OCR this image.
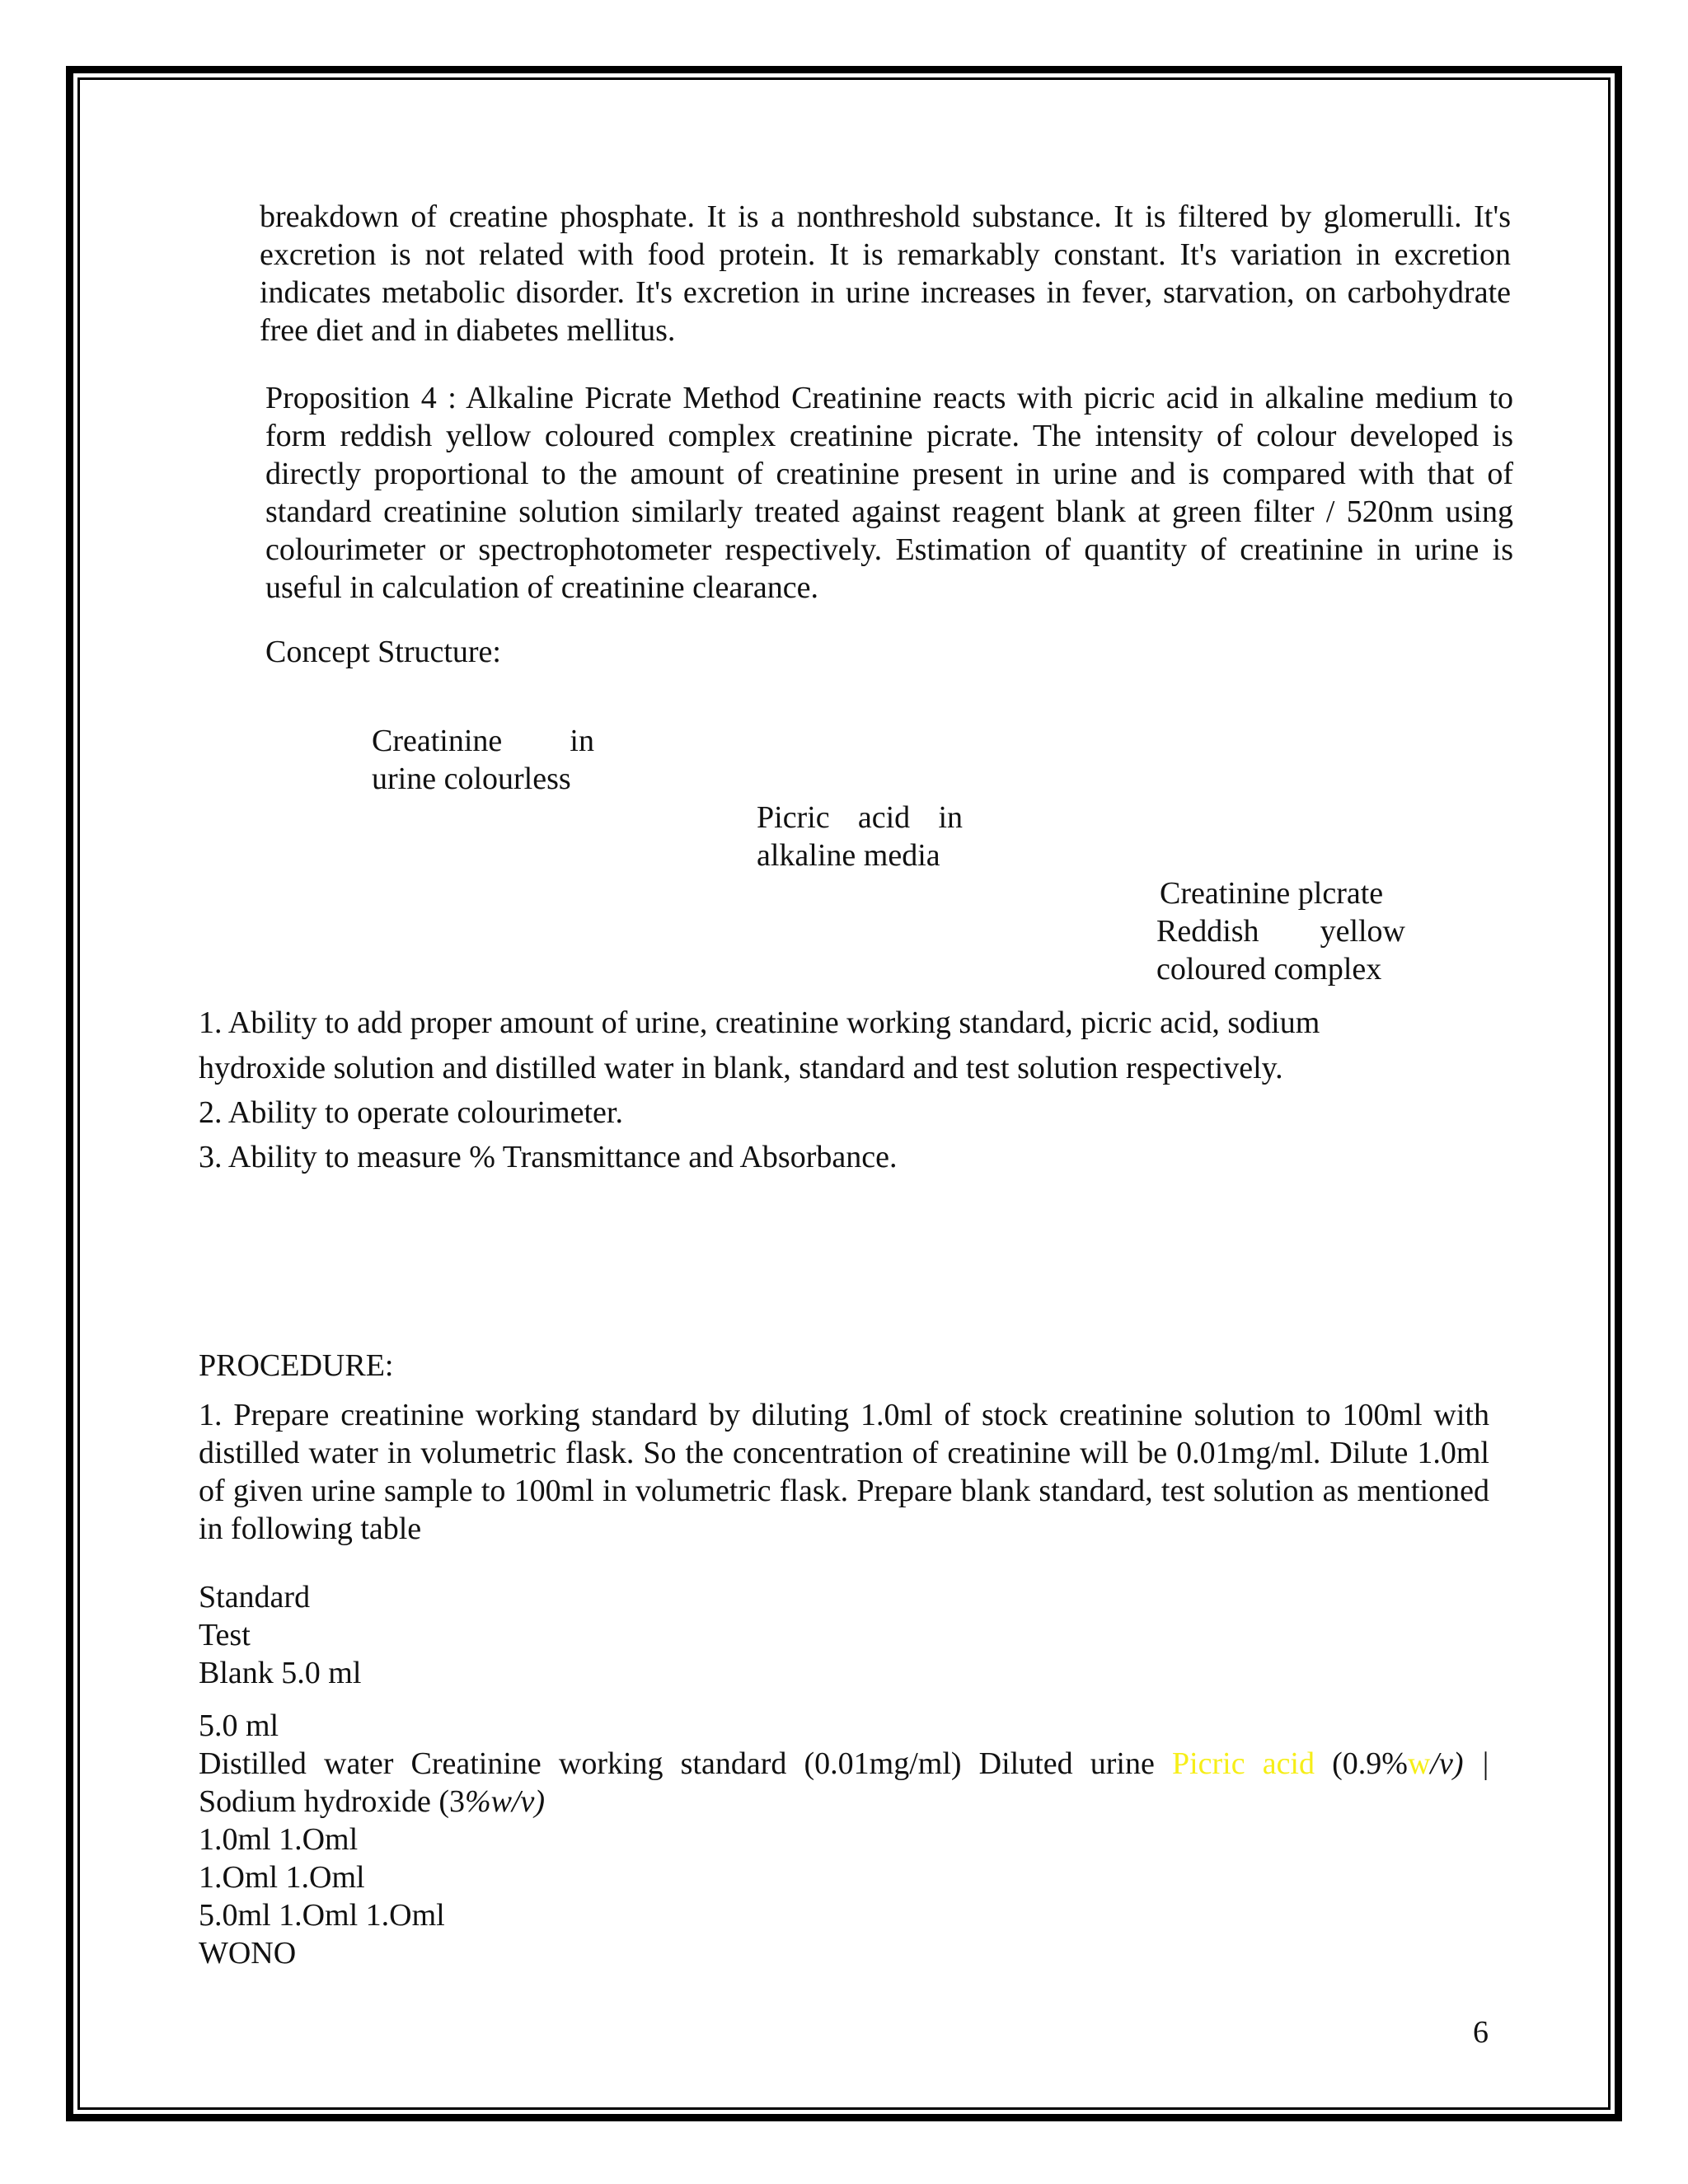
breakdown of creatine phosphate. It is a nonthreshold substance. It is filtered by glomerulli. It's excretion is not related with food protein. It is remarkably constant. It's variation in excretion indicates metabolic disorder. It's excretion in urine increases in fever, starvation, on carbohydrate free diet and in diabetes mellitus.

Proposition 4 : Alkaline Picrate Method Creatinine reacts with picric acid in alkaline medium to form reddish yellow coloured complex creatinine picrate. The intensity of colour developed is directly proportional to the amount of creatinine present in urine and is compared with that of standard creatinine solution similarly treated against reagent blank at green filter / 520nm using colourimeter or spectrophotometer respectively. Estimation of quantity of creatinine in urine is useful in calculation of creatinine clearance.

Concept Structure:

Creatinine in

urine colourless

Picric acid in

alkaline media

Creatinine plcrate

Reddish yellow

coloured complex

1. Ability to add proper amount of urine, creatinine working standard, picric acid, sodium

hydroxide solution and distilled water in blank, standard and test solution respectively.

2. Ability to operate colourimeter.

3. Ability to measure % Transmittance and Absorbance.

PROCEDURE:

1. Prepare creatinine working standard by diluting 1.0ml of stock creatinine solution to 100ml with distilled water in volumetric flask. So the concentration of creatinine will be 0.01mg/ml. Dilute 1.0ml of given urine sample to 100ml in volumetric flask. Prepare blank standard, test solution as mentioned in following table

Standard

Test

Blank 5.0 ml

5.0 ml

Distilled water Creatinine working standard (0.01mg/ml) Diluted urine Picric acid (0.9%w/v) |

Sodium hydroxide (3%w/v)

1.0ml 1.Oml

1.Oml 1.Oml

5.0ml 1.Oml 1.Oml

WONO

6
